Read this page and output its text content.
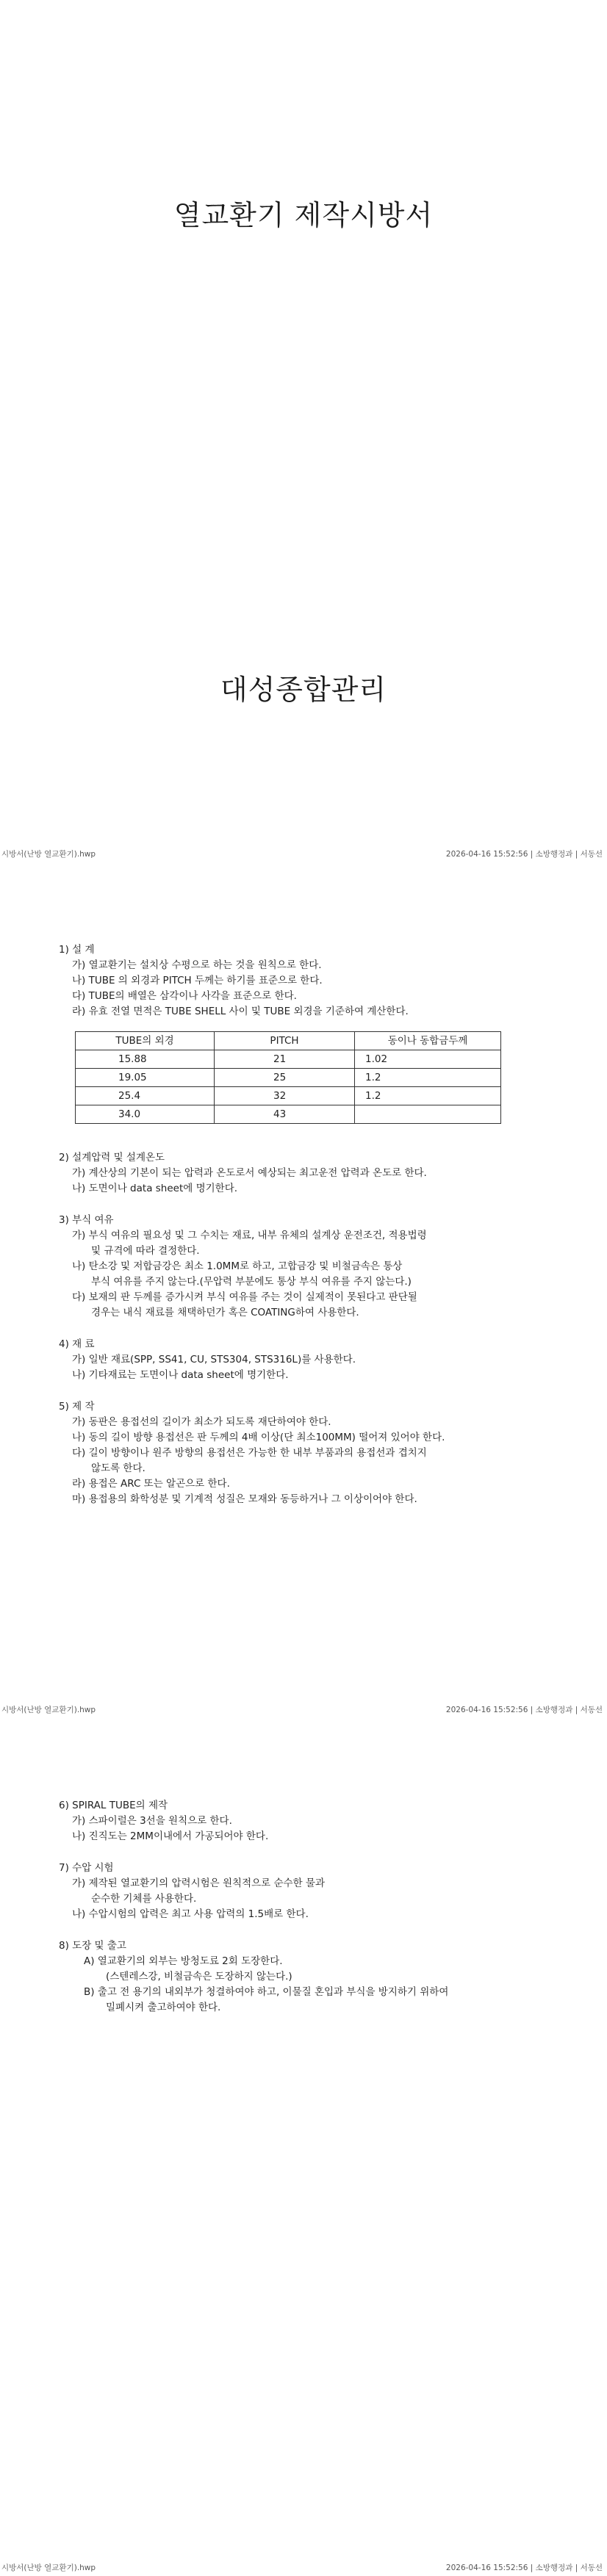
열교환기 제작시방서
대성종합관리
시방서(난방 열교환기).hwp	2026-04-16 15:52:56 | 소방행정과 | 서동선
1) 설 계
가) 열교환기는 설치상 수평으로 하는 것을 원칙으로 한다.
나) TUBE 의 외경과 PITCH 두께는 하기를 표준으로 한다.
다) TUBE의 배열은 삼각이나 사각을 표준으로 한다.
라) 유효 전열 면적은 TUBE SHELL 사이 및 TUBE 외경을 기준하여 계산한다.
TUBE의 외경	PITCH	동이나 동합금두께
15.88	21	1.02
19.05	25	1.2
25.4	32	1.2
34.0	43	
2) 설계압력 및 설계온도
가) 계산상의 기본이 되는 압력과 온도로서 예상되는 최고운전 압력과 온도로 한다.
나) 도면이나 data sheet에 명기한다.
3) 부식 여유
가) 부식 여유의 필요성 및 그 수치는 재료, 내부 유체의 설계상 운전조건, 적용법령
및 규격에 따라 결정한다.
나) 탄소강 및 저합금강은 최소 1.0MM로 하고, 고합금강 및 비철금속은 통상
부식 여유를 주지 않는다.(무압력 부분에도 통상 부식 여유를 주지 않는다.)
다) 보재의 판 두께를 증가시켜 부식 여유를 주는 것이 실제적이 못된다고 판단될
경우는 내식 재료를 채택하던가 혹은 COATING하여 사용한다.
4) 재 료
가) 일반 재료(SPP, SS41, CU, STS304, STS316L)를 사용한다.
나) 기타재료는 도면이나 data sheet에 명기한다.
5) 제 작
가) 동판은 용접선의 길이가 최소가 되도록 재단하여야 한다.
나) 동의 길이 방향 용접선은 판 두께의 4배 이상(단 최소100MM) 떨어져 있어야 한다.
다) 길이 방향이나 원주 방향의 용접선은 가능한 한 내부 부품과의 용접선과 겹치지
않도록 한다.
라) 용접은 ARC 또는 알곤으로 한다.
마) 용접용의 화학성분 및 기계적 성질은 모재와 동등하거나 그 이상이어야 한다.
시방서(난방 열교환기).hwp	2026-04-16 15:52:56 | 소방행정과 | 서동선
6) SPIRAL TUBE의 제작
가) 스파이럴은 3선을 원칙으로 한다.
나) 진직도는 2MM이내에서 가공되어야 한다.
7) 수압 시험
가) 제작된 열교환기의 압력시험은 원칙적으로 순수한 물과
순수한 기체를 사용한다.
나) 수압시험의 압력은 최고 사용 압력의 1.5배로 한다.
8) 도장 및 출고
A) 열교환기의 외부는 방청도료 2회 도장한다.
(스텐레스강, 비철금속은 도장하지 않는다.)
B) 출고 전 용기의 내외부가 청결하여야 하고, 이물질 혼입과 부식을 방지하기 위하여
밀폐시켜 출고하여야 한다.
시방서(난방 열교환기).hwp	2026-04-16 15:52:56 | 소방행정과 | 서동선
